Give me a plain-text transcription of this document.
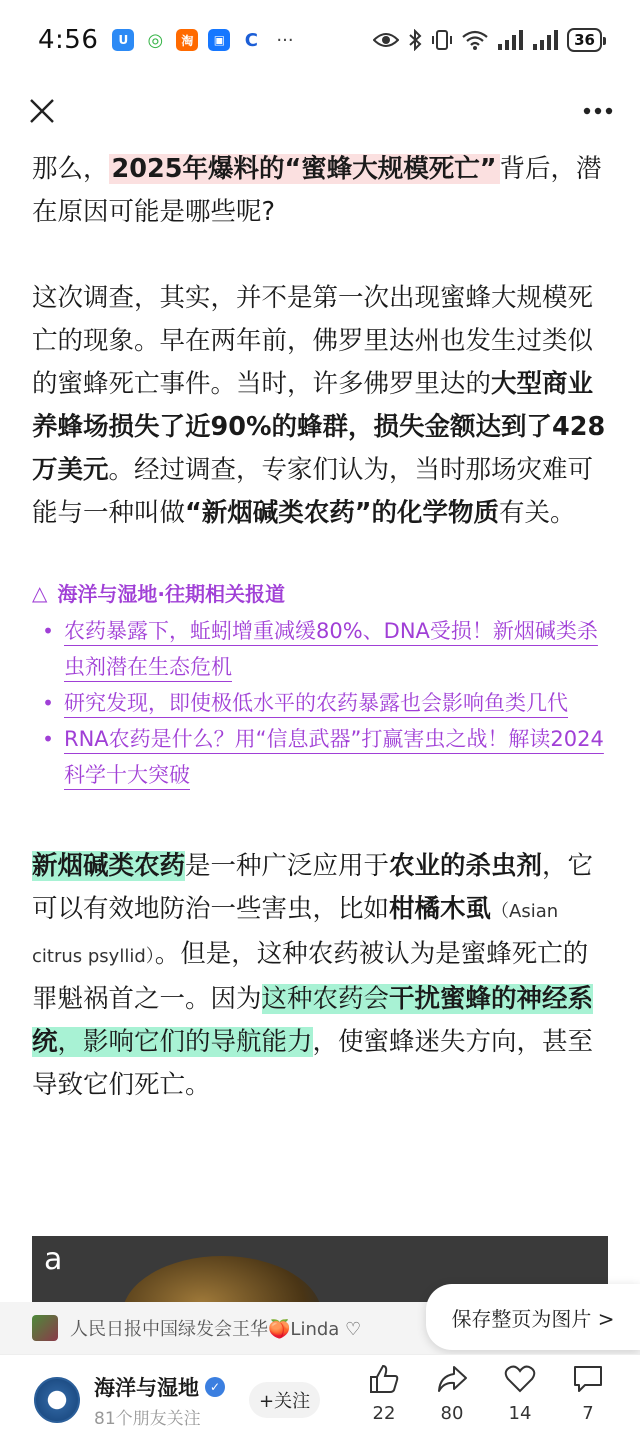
4:56	U	◎	淘	▣ C ···	36

那么， 2025年爆料的“蜜蜂大规模死亡” 背后，潜在原因可能是哪些呢?

这次调查，其实，并不是第一次出现蜜蜂大规模死亡的现象。早在两年前，佛罗里达州也发生过类似的蜜蜂死亡事件。当时，许多佛罗里达的大型商业养蜂场损失了近90%的蜂群，损失金额达到了428万美元。经过调查，专家们认为，当时那场灾难可能与一种叫做“新烟碱类农药”的化学物质有关。

△ 海洋与湿地·往期相关报道
• 农药暴露下，蚯蚓增重减缓80%、DNA受损！新烟碱类杀虫剂潜在生态危机
• 研究发现，即使极低水平的农药暴露也会影响鱼类几代
• RNA农药是什么？用“信息武器”打赢害虫之战！解读2024科学十大突破

新烟碱类农药是一种广泛应用于农业的杀虫剂，它可以有效地防治一些害虫，比如柑橘木虱（Asian citrus psyllid）。但是，这种农药被认为是蜜蜂死亡的罪魁祸首之一。因为这种农药会干扰蜜蜂的神经系统，影响它们的导航能力，使蜜蜂迷失方向，甚至导致它们死亡。

a
人民日报中国绿发会王华🍑Linda ♡	保存整页为图片 >
海洋与湿地 ✓
81个朋友关注
+关注
22	80	14	7
